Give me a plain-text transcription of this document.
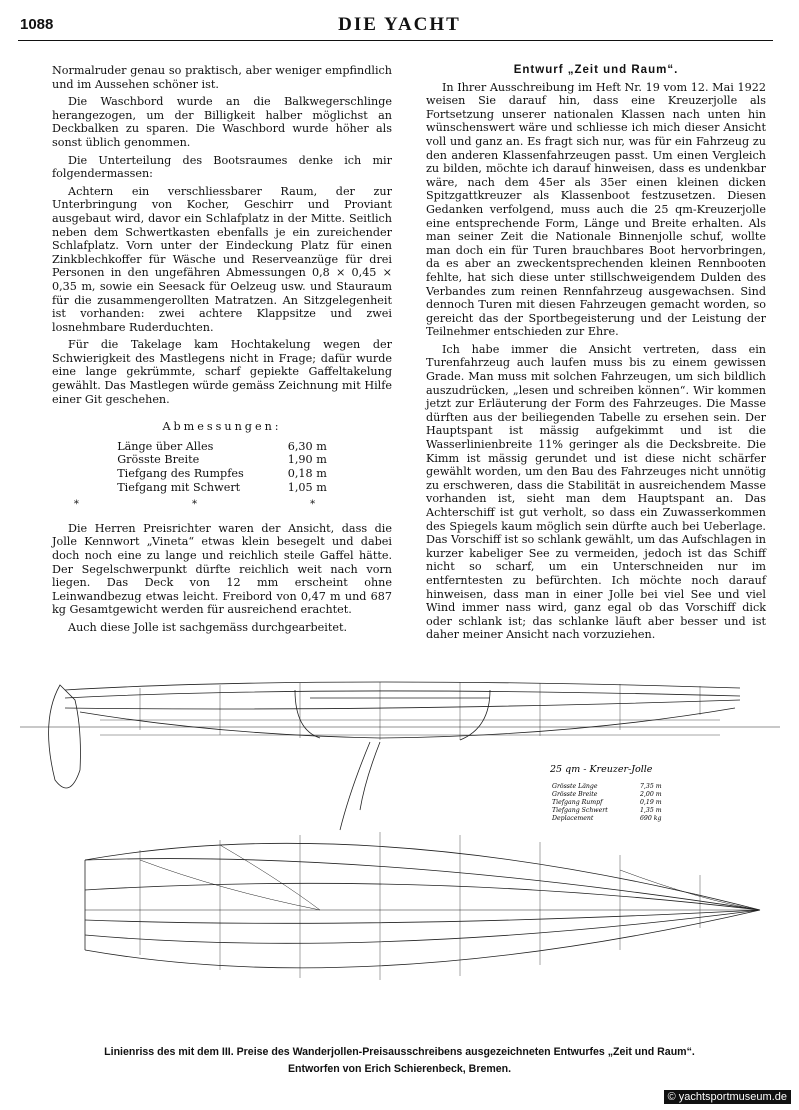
1088	DIE YACHT

Normalruder genau so praktisch, aber weniger empfindlich und im Aussehen schöner ist.

Die Waschbord wurde an die Balkwegerschlinge herangezogen, um der Billigkeit halber möglichst an Deckbalken zu sparen. Die Waschbord wurde höher als sonst üblich genommen.

Die Unterteilung des Bootsraumes denke ich mir folgendermassen:

Achtern ein verschliessbarer Raum, der zur Unterbringung von Kocher, Geschirr und Proviant ausgebaut wird, davor ein Schlafplatz in der Mitte. Seitlich neben dem Schwertkasten ebenfalls je ein zureichender Schlafplatz. Vorn unter der Eindeckung Platz für einen Zinkblechkoffer für Wäsche und Reserveanzüge für drei Personen in den ungefähren Abmessungen 0,8 × 0,45 × 0,35 m, sowie ein Seesack für Oelzeug usw. und Stauraum für die zusammengerollten Matratzen. An Sitzgelegenheit ist vorhanden: zwei achtere Klappsitze und zwei losnehmbare Ruderduchten.

Für die Takelage kam Hochtakelung wegen der Schwierigkeit des Mastlegens nicht in Frage; dafür wurde eine lange gekrümmte, scharf gepiekte Gaffeltakelung gewählt. Das Mastlegen würde gemäss Zeichnung mit Hilfe einer Git geschehen.

Abmessungen:
Länge über Alles	6,30 m
Grösste Breite	1,90 m
Tiefgang des Rumpfes	0,18 m
Tiefgang mit Schwert	1,05 m
* * *

Die Herren Preisrichter waren der Ansicht, dass die Jolle Kennwort „Vineta“ etwas klein besegelt und dabei doch noch eine zu lange und reichlich steile Gaffel hätte. Der Segelschwerpunkt dürfte reichlich weit nach vorn liegen. Das Deck von 12 mm erscheint ohne Leinwandbezug etwas leicht. Freibord von 0,47 m und 687 kg Gesamtgewicht werden für ausreichend erachtet.

Auch diese Jolle ist sachgemäss durchgearbeitet.

Entwurf „Zeit und Raum“.

In Ihrer Ausschreibung im Heft Nr. 19 vom 12. Mai 1922 weisen Sie darauf hin, dass eine Kreuzerjolle als Fortsetzung unserer nationalen Klassen nach unten hin wünschenswert wäre und schliesse ich mich dieser Ansicht voll und ganz an. Es fragt sich nur, was für ein Fahrzeug zu den anderen Klassenfahrzeugen passt. Um einen Vergleich zu bilden, möchte ich darauf hinweisen, dass es undenkbar wäre, nach dem 45er als 35er einen kleinen dicken Spitzgattkreuzer als Klassenboot festzusetzen. Diesen Gedanken verfolgend, muss auch die 25 qm-Kreuzerjolle eine entsprechende Form, Länge und Breite erhalten. Als man seiner Zeit die Nationale Binnenjolle schuf, wollte man doch ein für Turen brauchbares Boot hervorbringen, da es aber an zweckentsprechenden kleinen Rennbooten fehlte, hat sich diese unter stillschweigendem Dulden des Verbandes zum reinen Rennfahrzeug ausgewachsen. Sind dennoch Turen mit diesen Fahrzeugen gemacht worden, so gereicht das der Sportbegeisterung und der Leistung der Teilnehmer entschieden zur Ehre.

Ich habe immer die Ansicht vertreten, dass ein Turenfahrzeug auch laufen muss bis zu einem gewissen Grade. Man muss mit solchen Fahrzeugen, um sich bildlich auszudrücken, „lesen und schreiben können“. Wir kommen jetzt zur Erläuterung der Form des Fahrzeuges. Die Masse dürften aus der beiliegenden Tabelle zu ersehen sein. Der Hauptspant ist mässig aufgekimmt und ist die Wasserlinienbreite 11% geringer als die Decksbreite. Die Kimm ist mässig gerundet und ist diese nicht schärfer gewählt worden, um den Bau des Fahrzeuges nicht unnötig zu erschweren, dass die Stabilität in ausreichendem Masse vorhanden ist, sieht man dem Hauptspant an. Das Achterschiff ist gut verholt, so dass ein Zuwasserkommen des Spiegels kaum möglich sein dürfte auch bei Ueberlage. Das Vorschiff ist so schlank gewählt, um das Aufschlagen in kurzer kabeliger See zu vermeiden, jedoch ist das Schiff nicht so scharf, um ein Unterschneiden nur im entferntesten zu befürchten. Ich möchte noch darauf hinweisen, dass man in einer Jolle bei viel See und viel Wind immer nass wird, ganz egal ob das Vorschiff dick oder schlank ist; das schlanke läuft aber besser und ist daher meiner Ansicht nach vorzuziehen.

25 qm - Kreuzer-Jolle
Grösste Länge	7,35 m
Grösste Breite	2,00 m
Tiefgang Rumpf	0,19 m
Tiefgang Schwert	1,35 m
Deplacement	690 kg
Linienriss des mit dem III. Preise des Wanderjollen-Preisausschreibens ausgezeichneten Entwurfes „Zeit und Raum“.
Entworfen von Erich Schierenbeck, Bremen.
© yachtsportmuseum.de
